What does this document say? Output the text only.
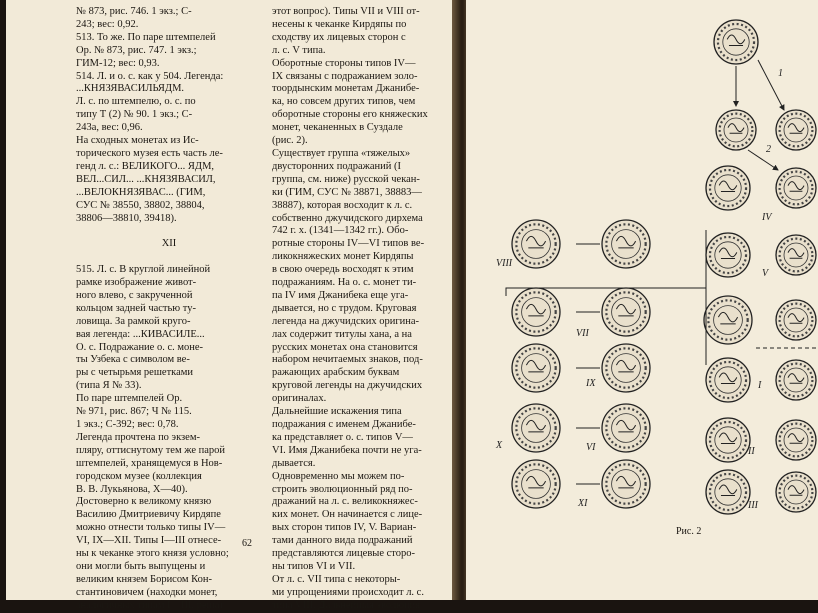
№ 873, рис. 746. 1 экз.; С-
243; вес: 0,92.
513. То же. По паре штемпелей
Ор. № 873, рис. 747. 1 экз.;
ГИМ-12; вес: 0,93.
514. Л. и о. с. как у 504. Легенда:
...КНЯЗЯВАСИЛЬЯДМ.
Л. с. по штемпелю, о. с. по
типу Т (2) № 90. 1 экз.; С-
243а, вес: 0,96.
На сходных монетах из Ис-
торического музея есть часть ле-
генд л. с.: ВЕЛИКОГО... ЯДМ,
ВЕЛ...СИЛ... ...КНЯЗЯВАСИЛ,
...ВЕЛОКНЯЗЯВАС... (ГИМ,
СУС № 38550, 38802, 38804,
38806—38810, 39418).

XII

515. Л. с. В круглой линейной
рамке изображение живот-
ного влево, с закрученной
кольцом задней частью ту-
ловища. За рамкой круго-
вая легенда: ...КИВАСИЛЕ...
О. с. Подражание о. с. моне-
ты Узбека с символом ве-
ры с четырьмя решетками
(типа Я № 33).
По паре штемпелей Ор.
№ 971, рис. 867; Ч № 115.
1 экз.; С-392; вес: 0,78.
Легенда прочтена по экзем-
пляру, оттиснутому тем же парой
штемпелей, хранящемуся в Нов-
городском музее (коллекция
В. В. Лукьянова, Х—40).
Достоверно к великому князю
Василию Дмитриевичу Кирдяпе
можно отнести только типы IV—
VI, IX—XII. Типы I—III отнесе-
ны к чеканке этого князя условно;
они могли быть выпущены и
великим князем Борисом Кон-
стантиновичем (находки монет,
аналогичных типам I—III, решат
этот вопрос). Типы VII и VIII от-
несены к чеканке Кирдяпы по
сходству их лицевых сторон с
л. с. V типа.
Оборотные стороны типов IV—
IX связаны с подражанием золо-
тоордынским монетам Джанибе-
ка, но совсем других типов, чем
оборотные стороны его княжеских
монет, чеканенных в Суздале
(рис. 2).
Существует группа «тяжелых»
двусторонних подражаний (I
группа, см. ниже) русской чекан-
ки (ГИМ, СУС № 38871, 38883—
38887), которая восходит к л. с.
собственно джучидского дирхема
742 г. х. (1341—1342 гг.). Обо-
ротные стороны IV—VI типов ве-
ликокняжеских монет Кирдяпы
в свою очередь восходят к этим
подражаниям. На о. с. монет ти-
па IV имя Джанибека еще уга-
дывается, но с трудом. Круговая
легенда на джучидских оригина-
лах содержит титулы хана, а на
русских монетах она становится
набором нечитаемых знаков, под-
ражающих арабским буквам
круговой легенды на джучидских
оригиналах.
Дальнейшие искажения типа
подражания с именем Джанибе-
ка представляет о. с. типов V—
VI. Имя Джанибека почти не уга-
дывается.
Одновременно мы можем по-
строить эволюционный ряд по-
дражаний на л. с. великокняжес-
ких монет. Он начинается с лице-
вых сторон типов IV, V. Вариан-
тами данного вида подражаний
представляются лицевые сторо-
ны типов VI и VII.
От л. с. VII типа с некоторы-
ми упрощениями происходит л. с.
типа VIII. Дальнейшая эволюция
62
1
2
IV
V
VIII
VII
IX
VI
X
I
XI
II
III
Рис. 2
